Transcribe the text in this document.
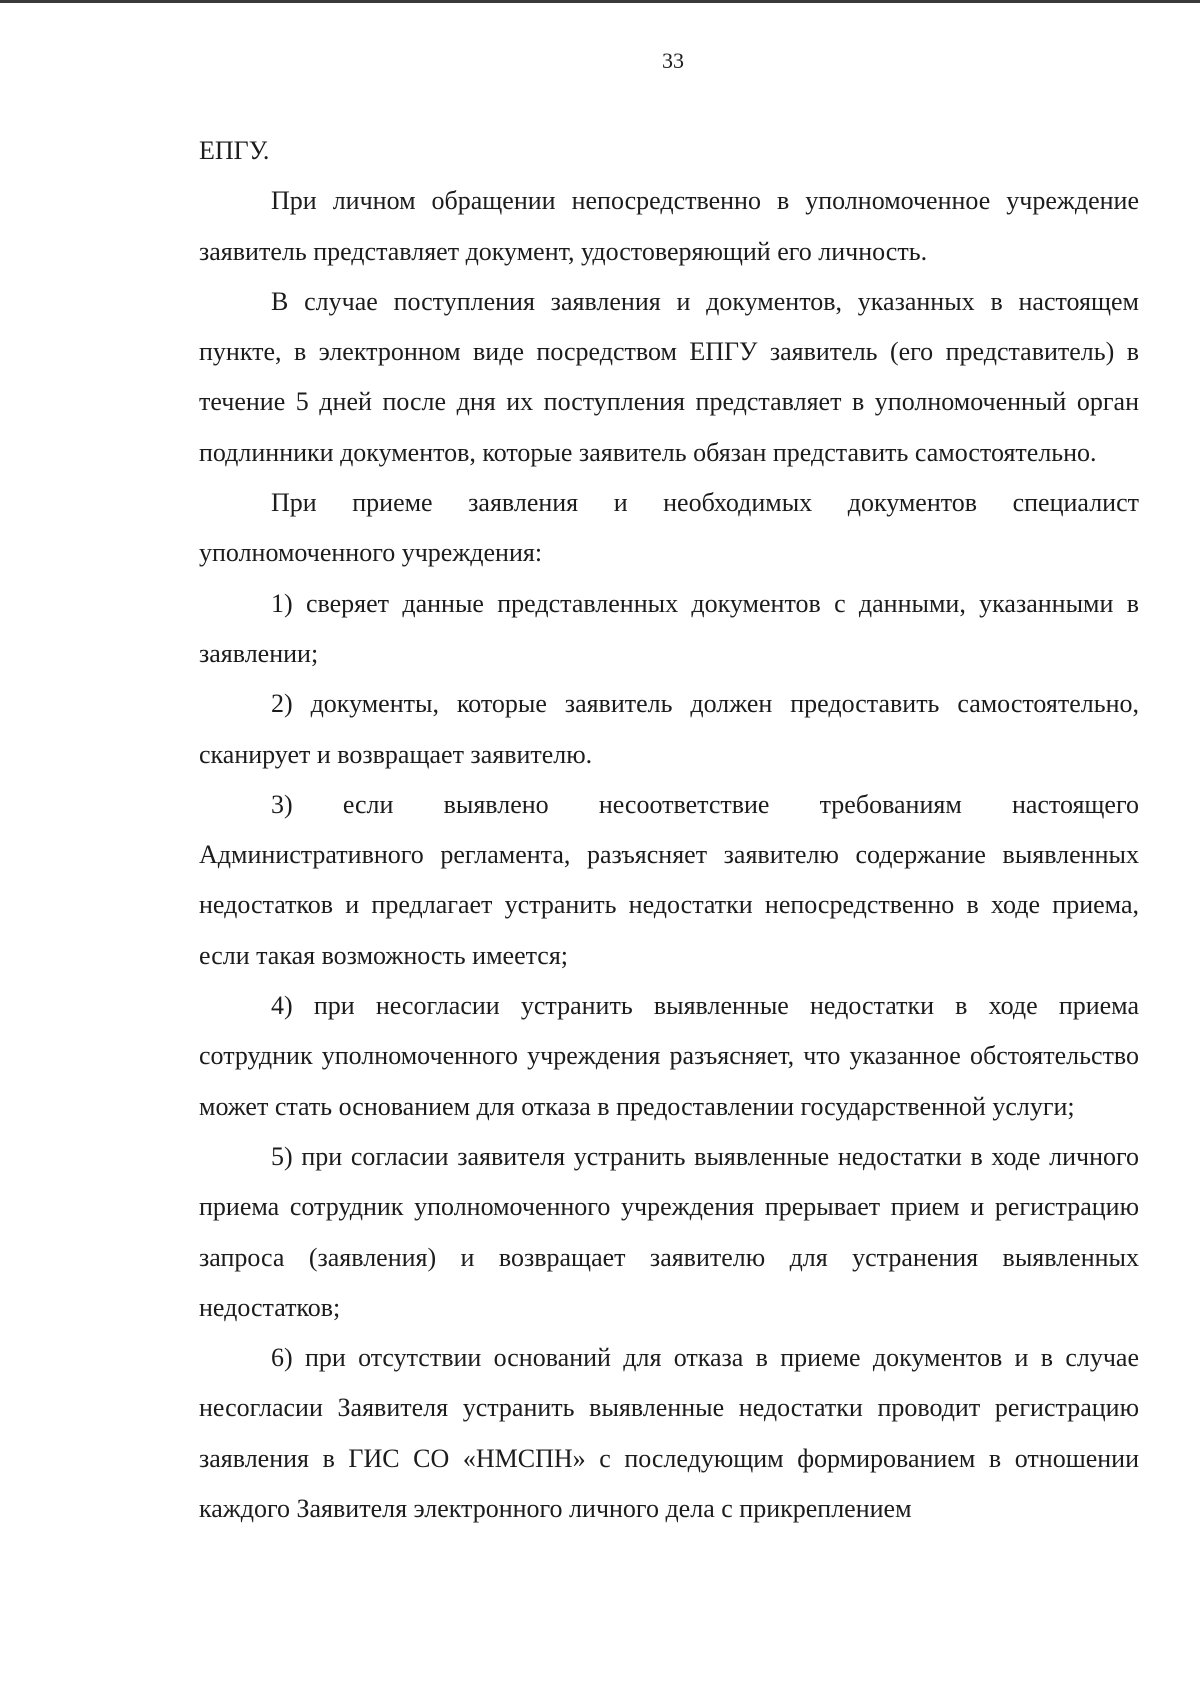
33

ЕПГУ.

При личном обращении непосредственно в уполномоченное учреждение заявитель представляет документ, удостоверяющий его личность.

В случае поступления заявления и документов, указанных в настоящем пункте, в электронном виде посредством ЕПГУ заявитель (его представитель) в течение 5 дней после дня их поступления представляет в уполномоченный орган подлинники документов, которые заявитель обязан представить самостоятельно.

При приеме заявления и необходимых документов специалист уполномоченного учреждения:

1) сверяет данные представленных документов с данными, указанными в заявлении;

2) документы, которые заявитель должен предоставить самостоятельно, сканирует и возвращает заявителю.

3) если выявлено несоответствие требованиям настоящего Административного регламента, разъясняет заявителю содержание выявленных недостатков и предлагает устранить недостатки непосредственно в ходе приема, если такая возможность имеется;

4) при несогласии устранить выявленные недостатки в ходе приема сотрудник уполномоченного учреждения разъясняет, что указанное обстоятельство может стать основанием для отказа в предоставлении государственной услуги;

5) при согласии заявителя устранить выявленные недостатки в ходе личного приема сотрудник уполномоченного учреждения прерывает прием и регистрацию запроса (заявления) и возвращает заявителю для устранения выявленных недостатков;

6) при отсутствии оснований для отказа в приеме документов и в случае несогласии Заявителя устранить выявленные недостатки проводит регистрацию заявления в ГИС СО «НМСПН» с последующим формированием в отношении каждого Заявителя электронного личного дела с прикреплением
